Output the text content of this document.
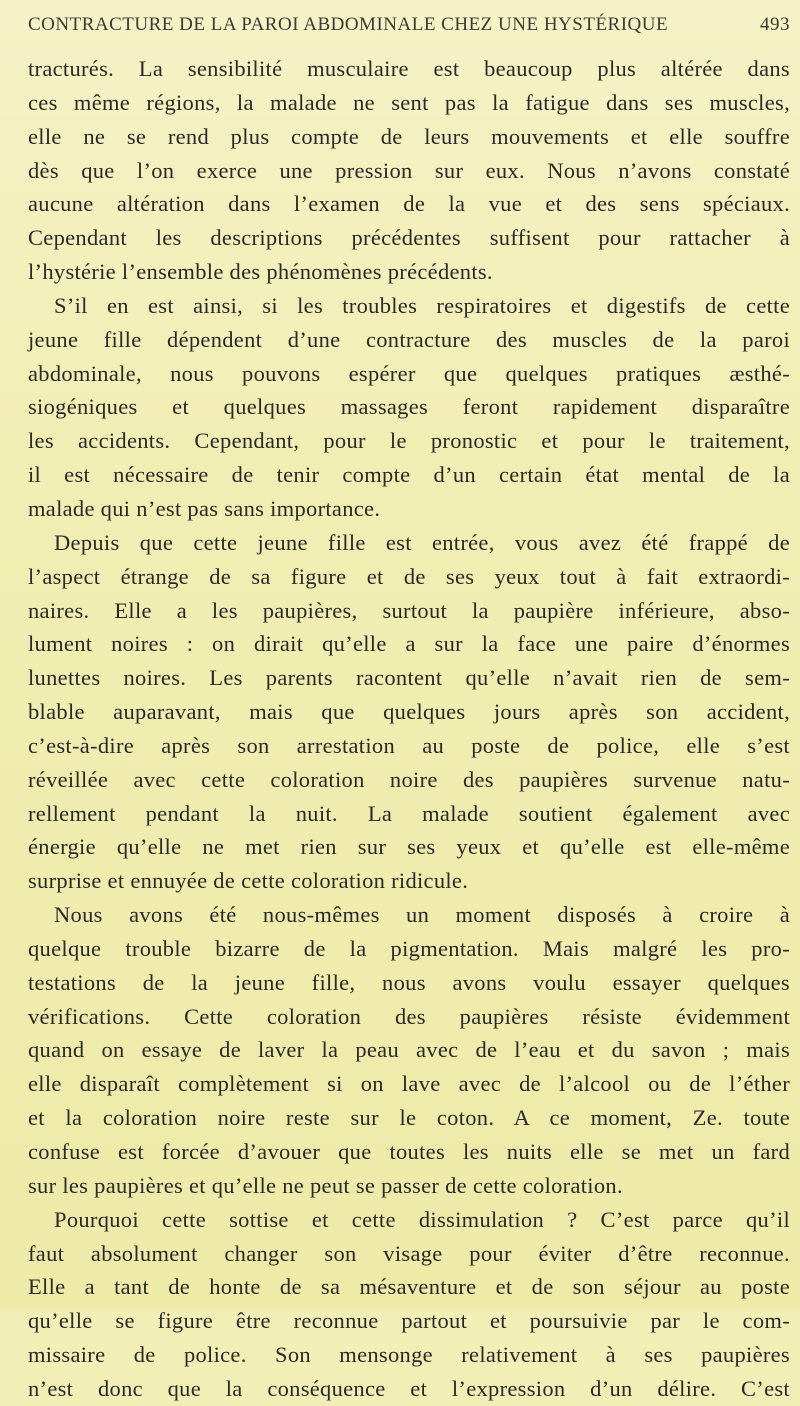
CONTRACTURE DE LA PAROI ABDOMINALE CHEZ UNE HYSTÉRIQUE	493
tracturés. La sensibilité musculaire est beaucoup plus altérée dans
ces même régions, la malade ne sent pas la fatigue dans ses muscles,
elle ne se rend plus compte de leurs mouvements et elle souffre
dès que l’on exerce une pression sur eux. Nous n’avons constaté
aucune altération dans l’examen de la vue et des sens spéciaux.
Cependant les descriptions précédentes suffisent pour rattacher à
l’hystérie l’ensemble des phénomènes précédents.
S’il en est ainsi, si les troubles respiratoires et digestifs de cette
jeune fille dépendent d’une contracture des muscles de la paroi
abdominale, nous pouvons espérer que quelques pratiques æsthé-
siogéniques et quelques massages feront rapidement disparaître
les accidents. Cependant, pour le pronostic et pour le traitement,
il est nécessaire de tenir compte d’un certain état mental de la
malade qui n’est pas sans importance.
Depuis que cette jeune fille est entrée, vous avez été frappé de
l’aspect étrange de sa figure et de ses yeux tout à fait extraordi-
naires. Elle a les paupières, surtout la paupière inférieure, abso-
lument noires : on dirait qu’elle a sur la face une paire d’énormes
lunettes noires. Les parents racontent qu’elle n’avait rien de sem-
blable auparavant, mais que quelques jours après son accident,
c’est-à-dire après son arrestation au poste de police, elle s’est
réveillée avec cette coloration noire des paupières survenue natu-
rellement pendant la nuit. La malade soutient également avec
énergie qu’elle ne met rien sur ses yeux et qu’elle est elle-même
surprise et ennuyée de cette coloration ridicule.
Nous avons été nous-mêmes un moment disposés à croire à
quelque trouble bizarre de la pigmentation. Mais malgré les pro-
testations de la jeune fille, nous avons voulu essayer quelques
vérifications. Cette coloration des paupières résiste évidemment
quand on essaye de laver la peau avec de l’eau et du savon ; mais
elle disparaît complètement si on lave avec de l’alcool ou de l’éther
et la coloration noire reste sur le coton. A ce moment, Ze. toute
confuse est forcée d’avouer que toutes les nuits elle se met un fard
sur les paupières et qu’elle ne peut se passer de cette coloration.
Pourquoi cette sottise et cette dissimulation ? C’est parce qu’il
faut absolument changer son visage pour éviter d’être reconnue.
Elle a tant de honte de sa mésaventure et de son séjour au poste
qu’elle se figure être reconnue partout et poursuivie par le com-
missaire de police. Son mensonge relativement à ses paupières
n’est donc que la conséquence et l’expression d’un délire. C’est
